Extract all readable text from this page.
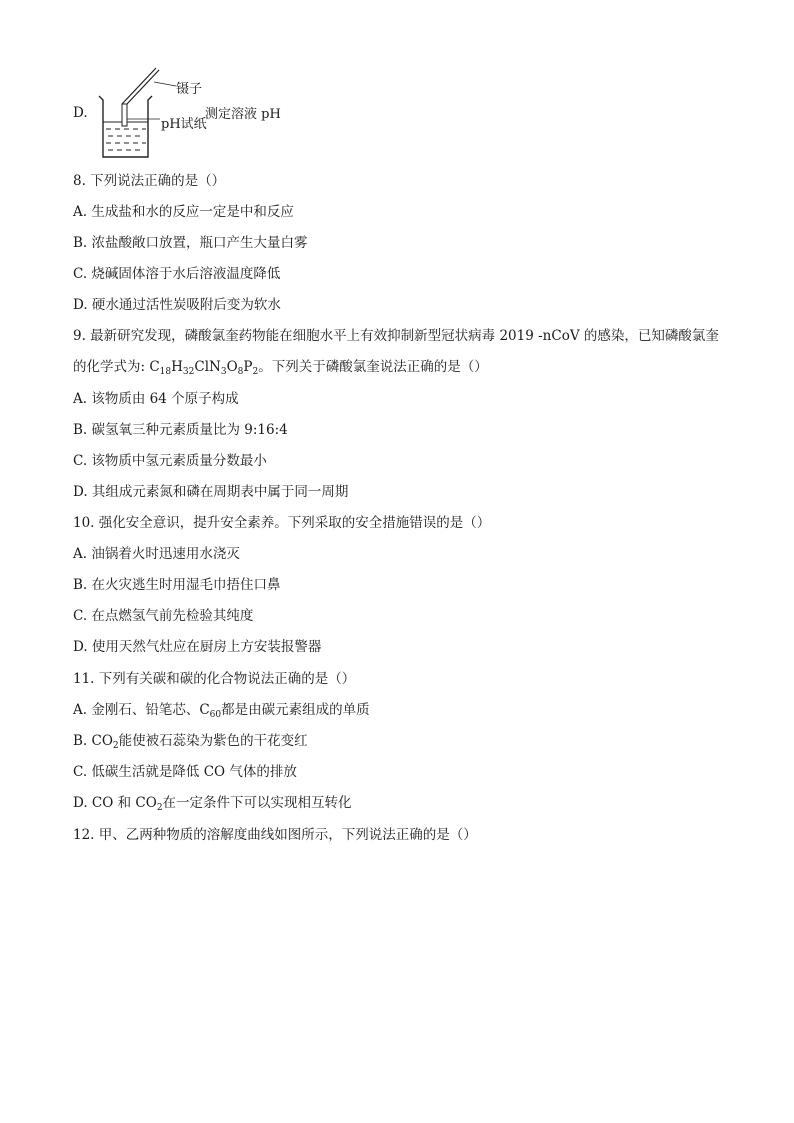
D.
镊子
pH试纸
测定溶液 pH
8. 下列说法正确的是（）
A. 生成盐和水的反应一定是中和反应
B. 浓盐酸敞口放置，瓶口产生大量白雾
C. 烧碱固体溶于水后溶液温度降低
D. 硬水通过活性炭吸附后变为软水
9. 最新研究发现，磷酸氯奎药物能在细胞水平上有效抑制新型冠状病毒 2019 -nCoV 的感染，已知磷酸氯奎
的化学式为: $C_{18}H_{32}ClN_3O_8P_2$。下列关于磷酸氯奎说法正确的是（）
A. 该物质由 64 个原子构成
B. 碳氢氧三种元素质量比为 9:16:4
C. 该物质中氢元素质量分数最小
D. 其组成元素氮和磷在周期表中属于同一周期
10. 强化安全意识，提升安全素养。下列采取的安全措施错误的是（）
A. 油锅着火时迅速用水浇灭
B. 在火灾逃生时用湿毛巾捂住口鼻
C. 在点燃氢气前先检验其纯度
D. 使用天然气灶应在厨房上方安装报警器
11. 下列有关碳和碳的化合物说法正确的是（）
A. 金刚石、铅笔芯、$C_{60}$都是由碳元素组成的单质
B. $CO_2$能使被石蕊染为紫色的干花变红
C. 低碳生活就是降低 CO 气体的排放
D. CO 和 $CO_2$在一定条件下可以实现相互转化
12. 甲、乙两种物质的溶解度曲线如图所示，下列说法正确的是（）
